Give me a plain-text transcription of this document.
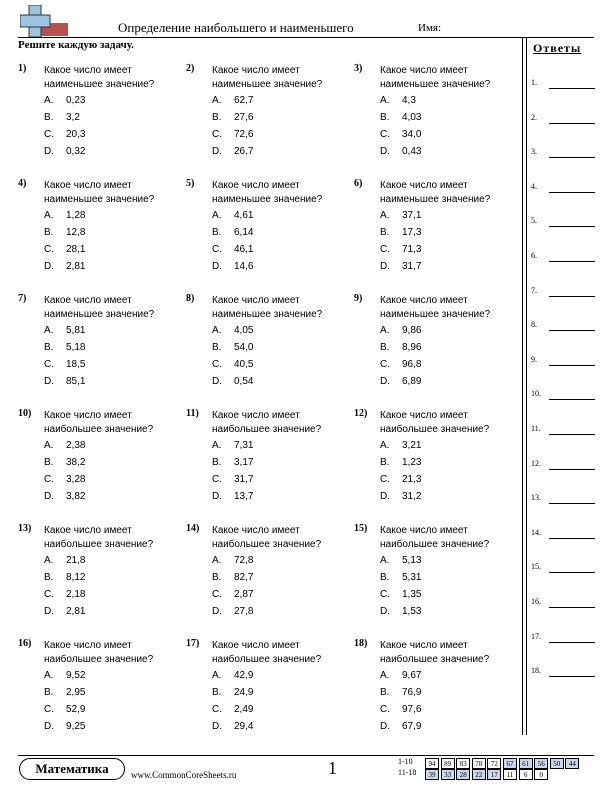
Определение наибольшего и наименьшего	Имя:
Решите каждую задачу.	Ответы
1.
2.
3.
4.
5.
6.
7.
8.
9.
10.
11.
12.
13.
14.
15.
16.
17.
18.
1) Какое число имеет наименьшее значение?
A.	0,23
B.	3,2
C.	20,3
D.	0,32
2) Какое число имеет наименьшее значение?
A.	62,7
B.	27,6
C.	72,6
D.	26,7
3) Какое число имеет наименьшее значение?
A.	4,3
B.	4,03
C.	34,0
D.	0,43
4) Какое число имеет наименьшее значение?
A.	1,28
B.	12,8
C.	28,1
D.	2,81
5) Какое число имеет наименьшее значение?
A.	4,61
B.	6,14
C.	46,1
D.	14,6
6) Какое число имеет наименьшее значение?
A.	37,1
B.	17,3
C.	71,3
D.	31,7
7) Какое число имеет наименьшее значение?
A.	5,81
B.	5,18
C.	18,5
D.	85,1
8) Какое число имеет наименьшее значение?
A.	4,05
B.	54,0
C.	40,5
D.	0,54
9) Какое число имеет наименьшее значение?
A.	9,86
B.	8,96
C.	96,8
D.	6,89
10) Какое число имеет наибольшее значение?
A.	2,38
B.	38,2
C.	3,28
D.	3,82
11) Какое число имеет наибольшее значение?
A.	7,31
B.	3,17
C.	31,7
D.	13,7
12) Какое число имеет наибольшее значение?
A.	3,21
B.	1,23
C.	21,3
D.	31,2
13) Какое число имеет наибольшее значение?
A.	21,8
B.	8,12
C.	2,18
D.	2,81
14) Какое число имеет наибольшее значение?
A.	72,8
B.	82,7
C.	2,87
D.	27,8
15) Какое число имеет наибольшее значение?
A.	5,13
B.	5,31
C.	1,35
D.	1,53
16) Какое число имеет наибольшее значение?
A.	9,52
B.	2,95
C.	52,9
D.	9,25
17) Какое число имеет наибольшее значение?
A.	42,9
B.	24,9
C.	2,49
D.	29,4
18) Какое число имеет наибольшее значение?
A.	9,67
B.	76,9
C.	97,6
D.	67,9
Математика	www.CommonCoreSheets.ru	1	1-10	94	89	83	78	72	67	61	56	50	44
11-18	39	33	28	22	17	11	6	0
